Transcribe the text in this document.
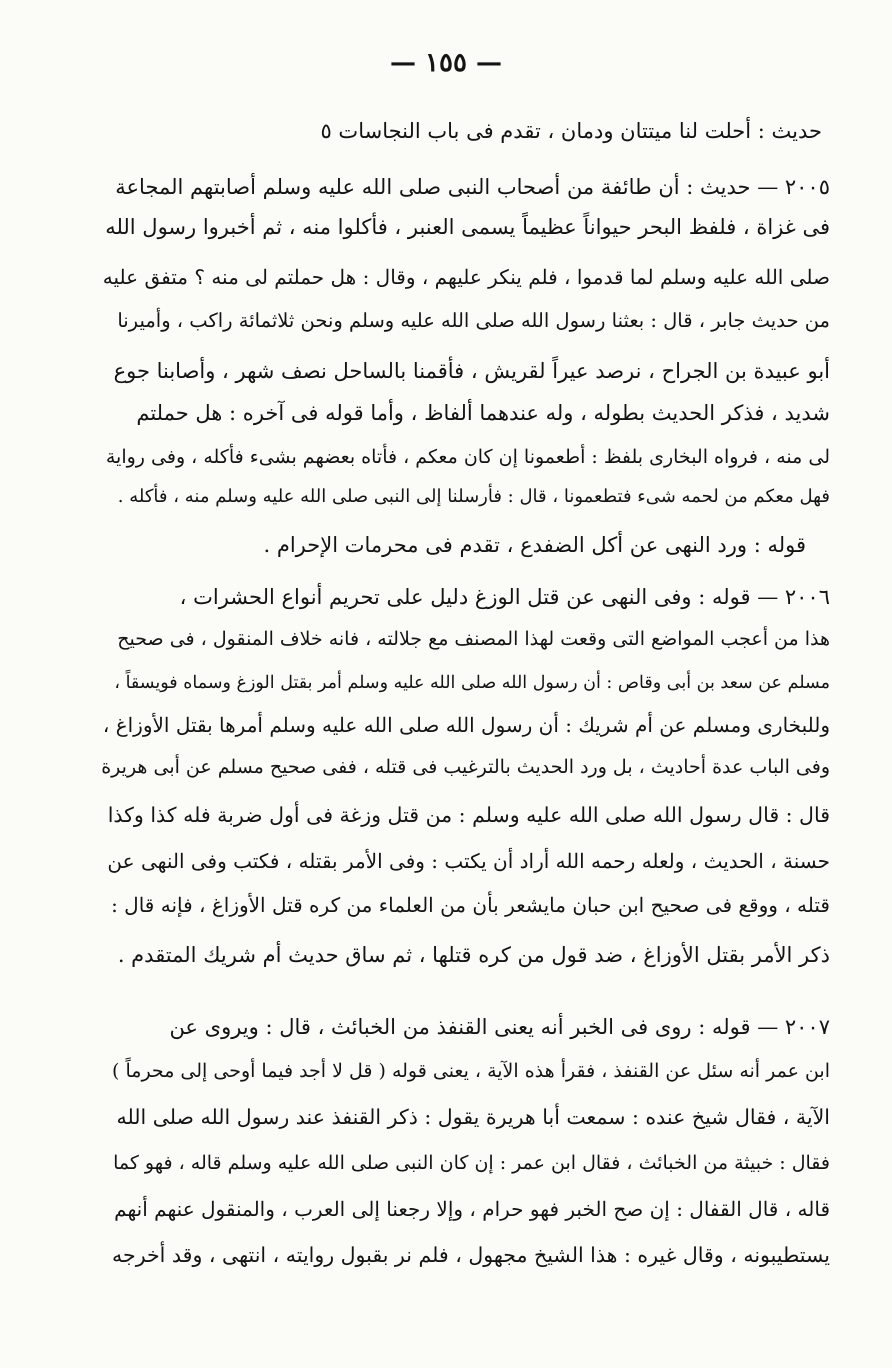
— ١٥٥ —
حديث : أحلت لنا ميتتان ودمان ، تقدم فى باب النجاسات ٥
٢٠٠٥ — حديث : أن طائفة من أصحاب النبى صلى الله عليه وسلم أصابتهم المجاعة
فى غزاة ، فلفظ البحر حيواناً عظيماً يسمى العنبر ، فأكلوا منه ، ثم أخبروا رسول الله
صلى الله عليه وسلم لما قدموا ، فلم ينكر عليهم ، وقال : هل حملتم لى منه ؟ متفق عليه
من حديث جابر ، قال : بعثنا رسول الله صلى الله عليه وسلم ونحن ثلاثمائة راكب ، وأميرنا
أبو عبيدة بن الجراح ، نرصد عيراً لقريش ، فأقمنا بالساحل نصف شهر ، وأصابنا جوع
شديد ، فذكر الحديث بطوله ، وله عندهما ألفاظ ، وأما قوله فى آخره : هل حملتم
لى منه ، فرواه البخارى بلفظ : أطعمونا إن كان معكم ، فأتاه بعضهم بشىء فأكله ، وفى رواية
فهل معكم من لحمه شىء فتطعمونا ، قال : فأرسلنا إلى النبى صلى الله عليه وسلم منه ، فأكله .
قوله : ورد النهى عن أكل الضفدع ، تقدم فى محرمات الإحرام .
٢٠٠٦ — قوله : وفى النهى عن قتل الوزغ دليل على تحريم أنواع الحشرات ،
هذا من أعجب المواضع التى وقعت لهذا المصنف مع جلالته ، فانه خلاف المنقول ، فى صحيح
مسلم عن سعد بن أبى وقاص : أن رسول الله صلى الله عليه وسلم أمر بقتل الوزغ وسماه فويسقاً ،
وللبخارى ومسلم عن أم شريك : أن رسول الله صلى الله عليه وسلم أمرها بقتل الأوزاغ ،
وفى الباب عدة أحاديث ، بل ورد الحديث بالترغيب فى قتله ، ففى صحيح مسلم عن أبى هريرة
قال : قال رسول الله صلى الله عليه وسلم : من قتل وزغة فى أول ضربة فله كذا وكذا
حسنة ، الحديث ، ولعله رحمه الله أراد أن يكتب : وفى الأمر بقتله ، فكتب وفى النهى عن
قتله ، ووقع فى صحيح ابن حبان مايشعر بأن من العلماء من كره قتل الأوزاغ ، فإنه قال :
ذكر الأمر بقتل الأوزاغ ، ضد قول من كره قتلها ، ثم ساق حديث أم شريك المتقدم .
٢٠٠٧ — قوله : روى فى الخبر أنه يعنى القنفذ من الخبائث ، قال : ويروى عن
ابن عمر أنه سئل عن القنفذ ، فقرأ هذه الآية ، يعنى قوله ( قل لا أجد فيما أوحى إلى محرماً )
الآية ، فقال شيخ عنده : سمعت أبا هريرة يقول : ذكر القنفذ عند رسول الله صلى الله
فقال : خبيثة من الخبائث ، فقال ابن عمر : إن كان النبى صلى الله عليه وسلم قاله ، فهو كما
قاله ، قال القفال : إن صح الخبر فهو حرام ، وإلا رجعنا إلى العرب ، والمنقول عنهم أنهم
يستطيبونه ، وقال غيره : هذا الشيخ مجهول ، فلم نر بقبول روايته ، انتهى ، وقد أخرجه
